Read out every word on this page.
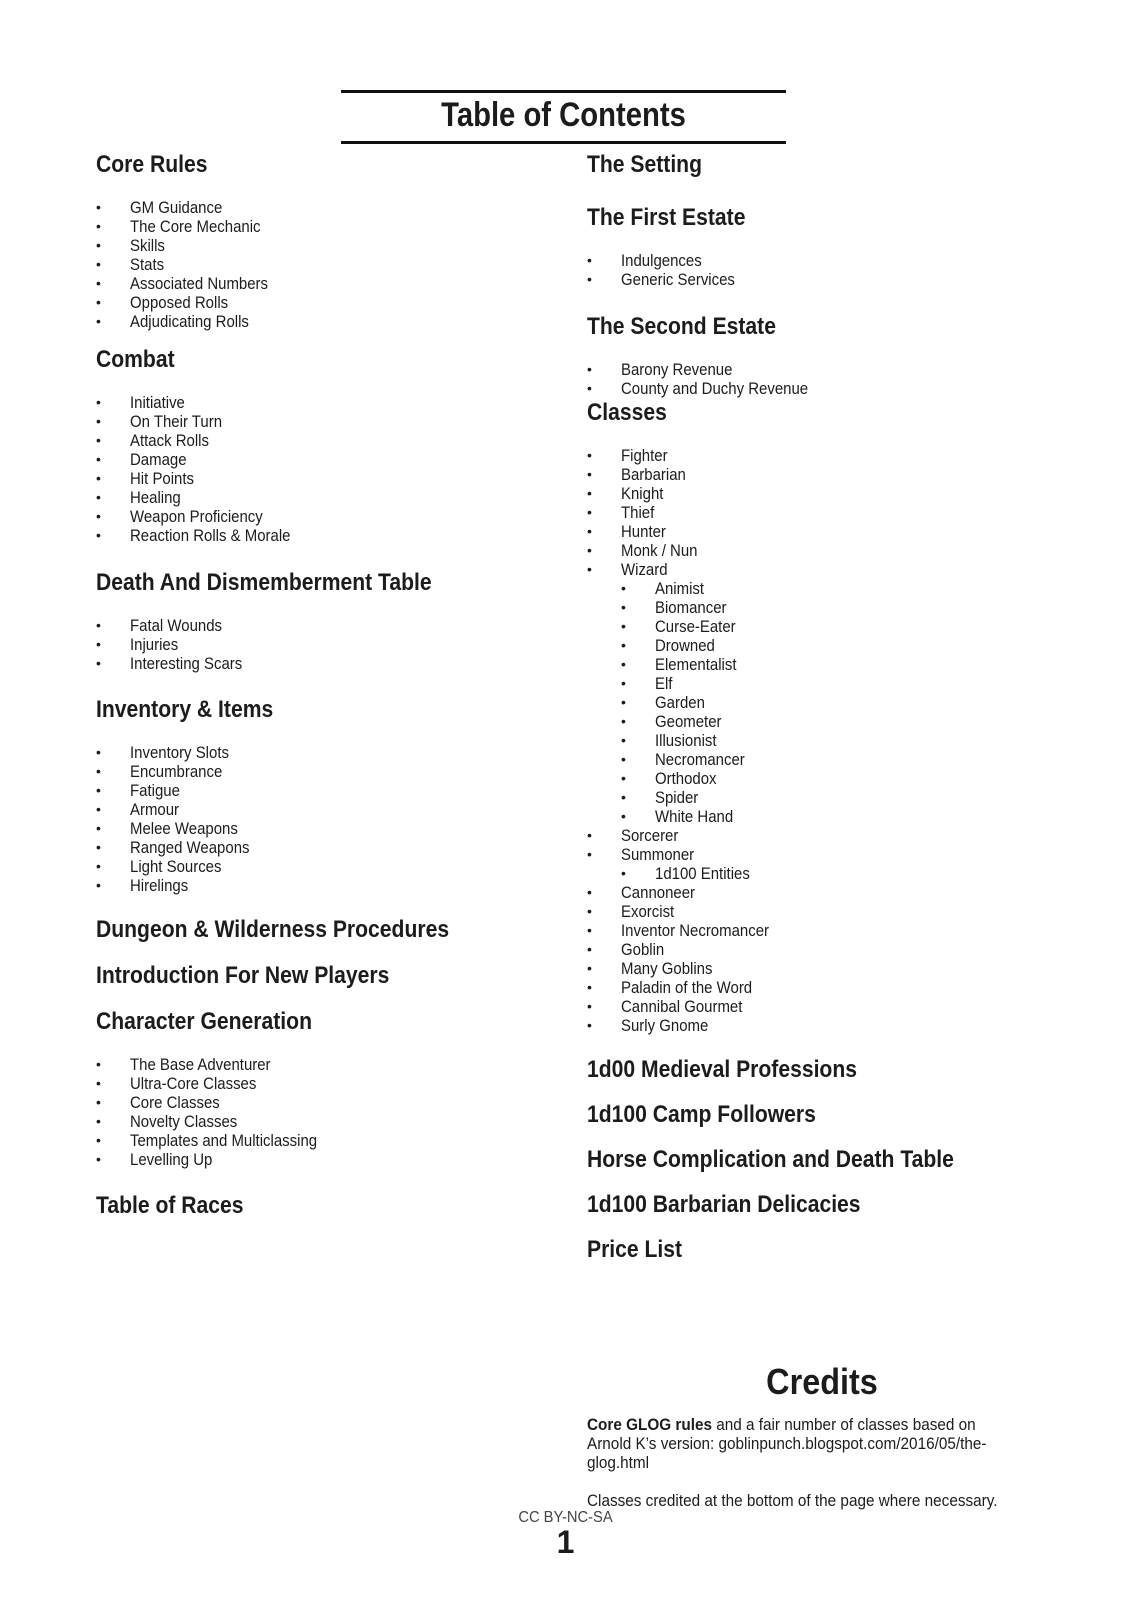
Table of Contents
Core Rules
• GM Guidance
• The Core Mechanic
• Skills
• Stats
• Associated Numbers
• Opposed Rolls
• Adjudicating Rolls
Combat
• Initiative
• On Their Turn
• Attack Rolls
• Damage
• Hit Points
• Healing
• Weapon Proficiency
• Reaction Rolls & Morale
Death And Dismemberment Table
• Fatal Wounds
• Injuries
• Interesting Scars
Inventory & Items
• Inventory Slots
• Encumbrance
• Fatigue
• Armour
• Melee Weapons
• Ranged Weapons
• Light Sources
• Hirelings
Dungeon & Wilderness Procedures
Introduction For New Players
Character Generation
• The Base Adventurer
• Ultra-Core Classes
• Core Classes
• Novelty Classes
• Templates and Multiclassing
• Levelling Up
Table of Races
The Setting
The First Estate
• Indulgences
• Generic Services
The Second Estate
• Barony Revenue
• County and Duchy Revenue
Classes
• Fighter
• Barbarian
• Knight
• Thief
• Hunter
• Monk / Nun
• Wizard
• Animist
• Biomancer
• Curse-Eater
• Drowned
• Elementalist
• Elf
• Garden
• Geometer
• Illusionist
• Necromancer
• Orthodox
• Spider
• White Hand
• Sorcerer
• Summoner
• 1d100 Entities
• Cannoneer
• Exorcist
• Inventor Necromancer
• Goblin
• Many Goblins
• Paladin of the Word
• Cannibal Gourmet
• Surly Gnome
1d00 Medieval Professions
1d100 Camp Followers
Horse Complication and Death Table
1d100 Barbarian Delicacies
Price List
Credits

Core GLOG rules and a fair number of classes based on Arnold K’s version: goblinpunch.blogspot.com/2016/05/the-glog.html

Classes credited at the bottom of the page where necessary.

CC BY-NC-SA
1
